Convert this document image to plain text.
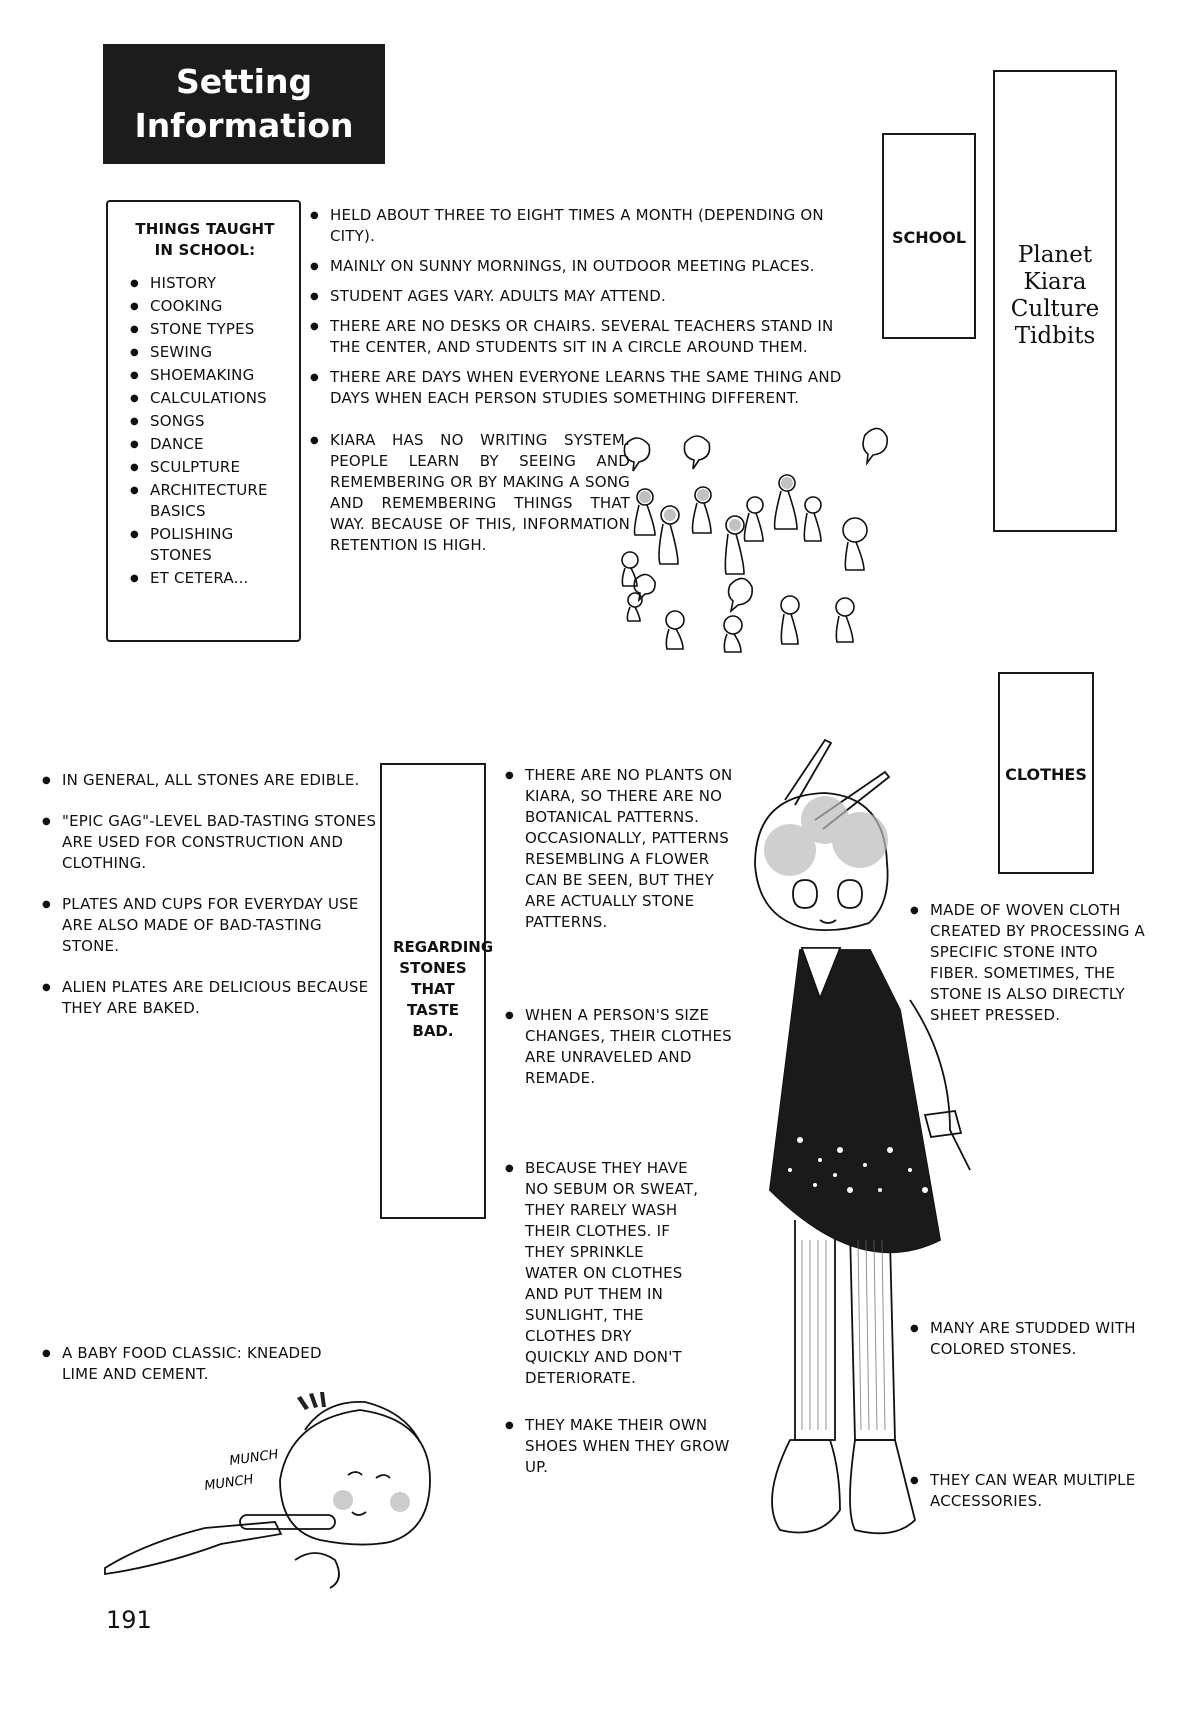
Setting
Information
Planet
Kiara
Culture
Tidbits
SCHOOL
THINGS TAUGHT IN SCHOOL:
● HISTORY
● COOKING
● STONE TYPES
● SEWING
● SHOEMAKING
● CALCULATIONS
● SONGS
● DANCE
● SCULPTURE
● ARCHITECTURE BASICS
● POLISHING STONES
● ET CETERA...
● HELD ABOUT THREE TO EIGHT TIMES A MONTH (DEPENDING ON CITY).
● MAINLY ON SUNNY MORNINGS, IN OUTDOOR MEETING PLACES.
● STUDENT AGES VARY. ADULTS MAY ATTEND.
● THERE ARE NO DESKS OR CHAIRS. SEVERAL TEACHERS STAND IN THE CENTER, AND STUDENTS SIT IN A CIRCLE AROUND THEM.
● THERE ARE DAYS WHEN EVERYONE LEARNS THE SAME THING AND DAYS WHEN EACH PERSON STUDIES SOMETHING DIFFERENT.
● KIARA HAS NO WRITING SYSTEM. PEOPLE LEARN BY SEEING AND REMEMBERING OR BY MAKING A SONG AND REMEMBERING THINGS THAT WAY. BECAUSE OF THIS, INFORMATION RETENTION IS HIGH.
CLOTHES
REGARDING STONES THAT TASTE BAD.
● IN GENERAL, ALL STONES ARE EDIBLE.
● "EPIC GAG"-LEVEL BAD-TASTING STONES ARE USED FOR CONSTRUCTION AND CLOTHING.
● PLATES AND CUPS FOR EVERYDAY USE ARE ALSO MADE OF BAD-TASTING STONE.
● ALIEN PLATES ARE DELICIOUS BECAUSE THEY ARE BAKED.
● A BABY FOOD CLASSIC: KNEADED LIME AND CEMENT.
MUNCH
MUNCH
● THERE ARE NO PLANTS ON KIARA, SO THERE ARE NO BOTANICAL PATTERNS. OCCASIONALLY, PATTERNS RESEMBLING A FLOWER CAN BE SEEN, BUT THEY ARE ACTUALLY STONE PATTERNS.
● WHEN A PERSON'S SIZE CHANGES, THEIR CLOTHES ARE UNRAVELED AND REMADE.
● BECAUSE THEY HAVE NO SEBUM OR SWEAT, THEY RARELY WASH THEIR CLOTHES. IF THEY SPRINKLE WATER ON CLOTHES AND PUT THEM IN SUNLIGHT, THE CLOTHES DRY QUICKLY AND DON'T DETERIORATE.
● THEY MAKE THEIR OWN SHOES WHEN THEY GROW UP.
● MADE OF WOVEN CLOTH CREATED BY PROCESSING A SPECIFIC STONE INTO FIBER. SOMETIMES, THE STONE IS ALSO DIRECTLY SHEET PRESSED.
● MANY ARE STUDDED WITH COLORED STONES.
● THEY CAN WEAR MULTIPLE ACCESSORIES.
191
